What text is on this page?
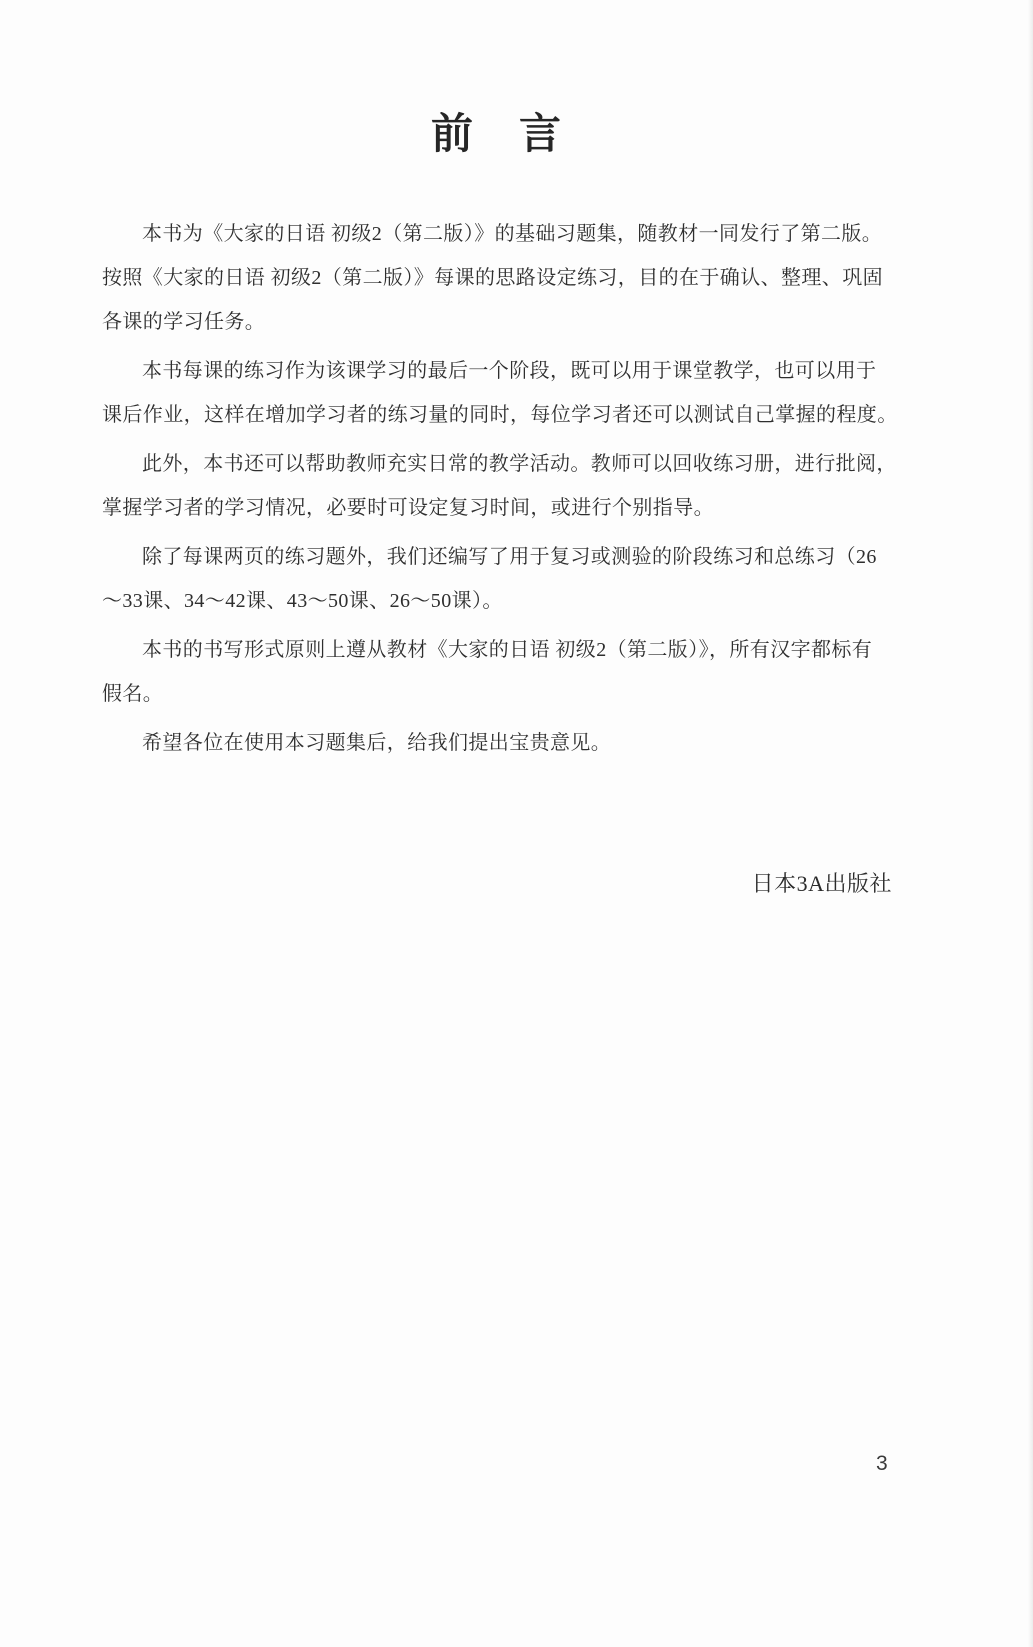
前　言
本书为《大家的日语 初级2（第二版）》的基础习题集，随教材一同发行了第二版。
按照《大家的日语 初级2（第二版）》每课的思路设定练习，目的在于确认、整理、巩固
各课的学习任务。
本书每课的练习作为该课学习的最后一个阶段，既可以用于课堂教学，也可以用于
课后作业，这样在增加学习者的练习量的同时，每位学习者还可以测试自己掌握的程度。
此外，本书还可以帮助教师充实日常的教学活动。教师可以回收练习册，进行批阅，
掌握学习者的学习情况，必要时可设定复习时间，或进行个别指导。
除了每课两页的练习题外，我们还编写了用于复习或测验的阶段练习和总练习（26
～33课、34～42课、43～50课、26～50课）。
本书的书写形式原则上遵从教材《大家的日语 初级2（第二版）》，所有汉字都标有
假名。
希望各位在使用本习题集后，给我们提出宝贵意见。
日本3A出版社
3
